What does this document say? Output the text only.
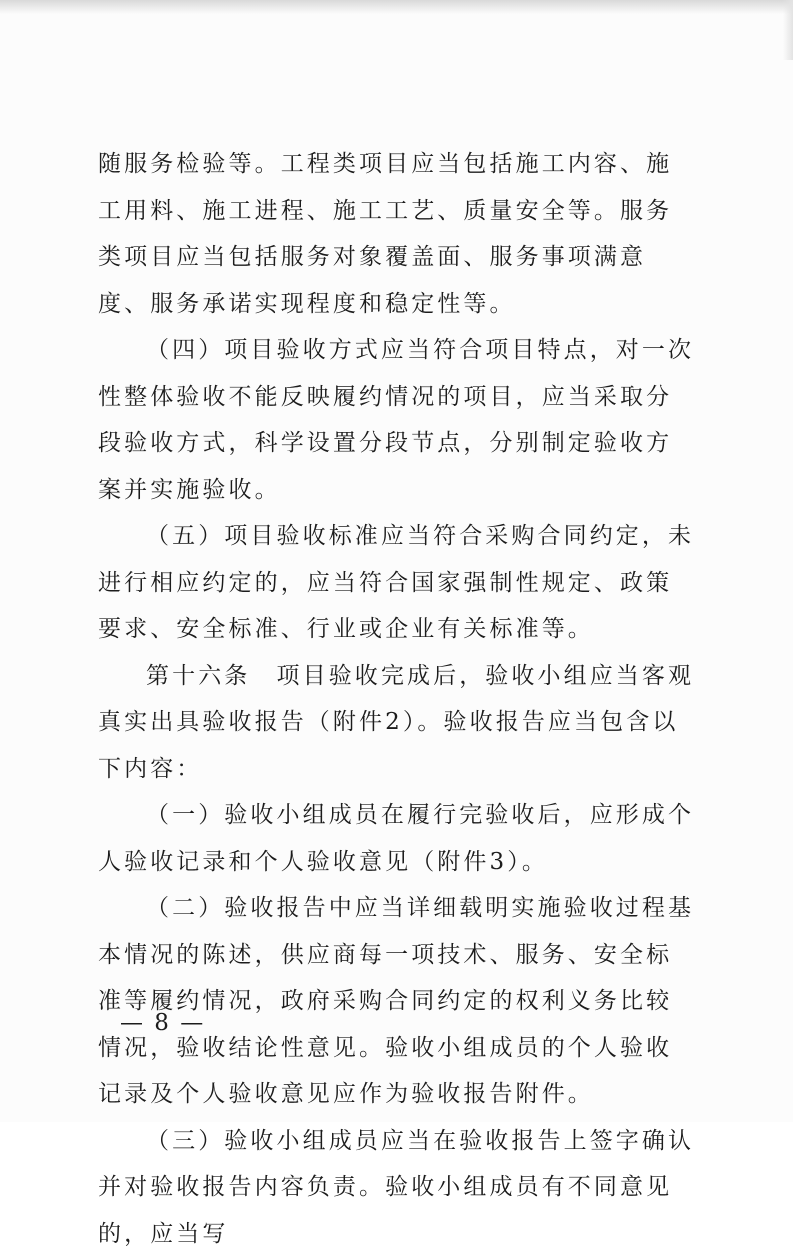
随服务检验等。工程类项目应当包括施工内容、施工用料、施工进程、施工工艺、质量安全等。服务类项目应当包括服务对象覆盖面、服务事项满意度、服务承诺实现程度和稳定性等。

（四）项目验收方式应当符合项目特点，对一次性整体验收不能反映履约情况的项目，应当采取分段验收方式，科学设置分段节点，分别制定验收方案并实施验收。

（五）项目验收标准应当符合采购合同约定，未进行相应约定的，应当符合国家强制性规定、政策要求、安全标准、行业或企业有关标准等。

第十六条　项目验收完成后，验收小组应当客观真实出具验收报告（附件2）。验收报告应当包含以下内容：

（一）验收小组成员在履行完验收后，应形成个人验收记录和个人验收意见（附件3）。

（二）验收报告中应当详细载明实施验收过程基本情况的陈述，供应商每一项技术、服务、安全标准等履约情况，政府采购合同约定的权利义务比较情况，验收结论性意见。验收小组成员的个人验收记录及个人验收意见应作为验收报告附件。

（三）验收小组成员应当在验收报告上签字确认并对验收报告内容负责。验收小组成员有不同意见的，应当写

— 8 —
